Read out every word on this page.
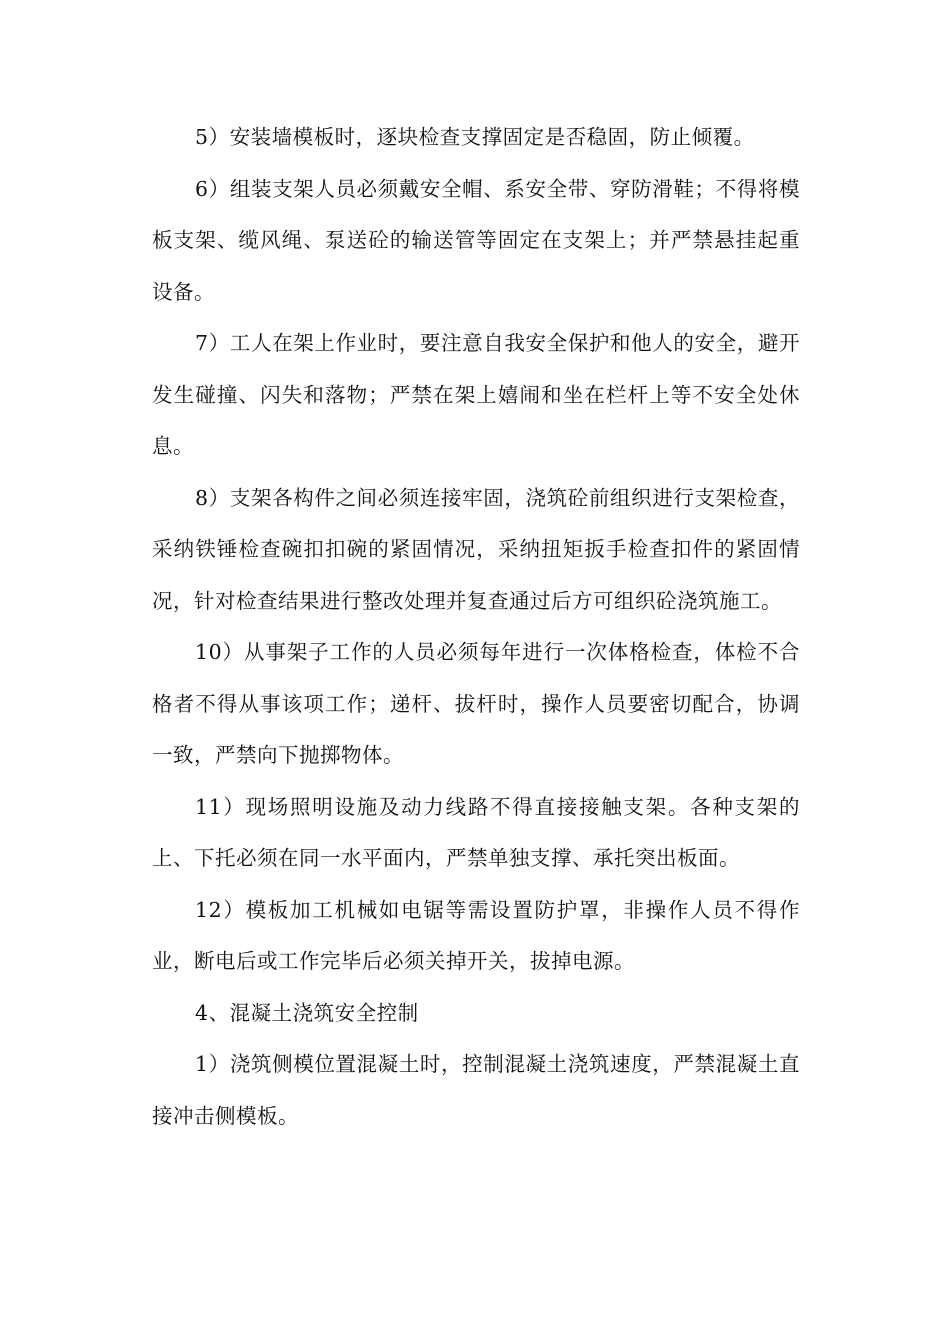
5）安装墙模板时，逐块检查支撑固定是否稳固，防止倾覆。

6）组装支架人员必须戴安全帽、系安全带、穿防滑鞋；不得将模板支架、缆风绳、泵送砼的输送管等固定在支架上；并严禁悬挂起重设备。

7）工人在架上作业时，要注意自我安全保护和他人的安全，避开发生碰撞、闪失和落物；严禁在架上嬉闹和坐在栏杆上等不安全处休息。

8）支架各构件之间必须连接牢固，浇筑砼前组织进行支架检查，采纳铁锤检查碗扣扣碗的紧固情况，采纳扭矩扳手检查扣件的紧固情况，针对检查结果进行整改处理并复查通过后方可组织砼浇筑施工。

10）从事架子工作的人员必须每年进行一次体格检查，体检不合格者不得从事该项工作；递杆、拔杆时，操作人员要密切配合，协调一致，严禁向下抛掷物体。

11）现场照明设施及动力线路不得直接接触支架。各种支架的上、下托必须在同一水平面内，严禁单独支撑、承托突出板面。

12）模板加工机械如电锯等需设置防护罩，非操作人员不得作业，断电后或工作完毕后必须关掉开关，拔掉电源。

4、混凝土浇筑安全控制

1）浇筑侧模位置混凝土时，控制混凝土浇筑速度，严禁混凝土直接冲击侧模板。
